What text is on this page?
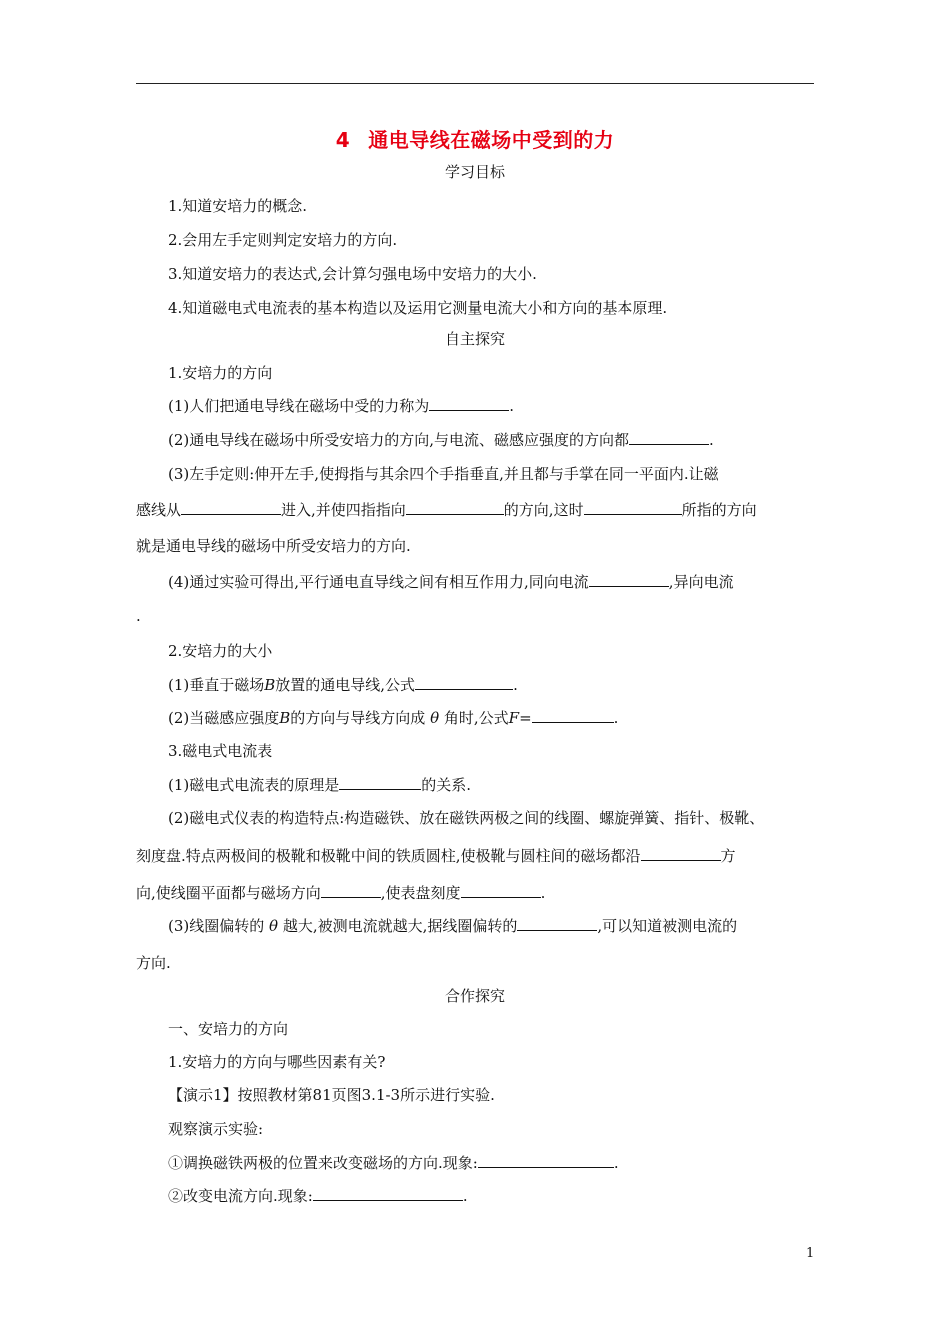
4 通电导线在磁场中受到的力
学习目标
1.知道安培力的概念.
2.会用左手定则判定安培力的方向.
3.知道安培力的表达式,会计算匀强电场中安培力的大小.
4.知道磁电式电流表的基本构造以及运用它测量电流大小和方向的基本原理.
自主探究
1.安培力的方向
(1)人们把通电导线在磁场中受的力称为	.
(2)通电导线在磁场中所受安培力的方向,与电流、磁感应强度的方向都	.
(3)左手定则:伸开左手,使拇指与其余四个手指垂直,并且都与手掌在同一平面内.让磁
感线从	进入,并使四指指向	的方向,这时	所指的方向
就是通电导线的磁场中所受安培力的方向.
(4)通过实验可得出,平行通电直导线之间有相互作用力,同向电流	,异向电流
.
2.安培力的大小
(1)垂直于磁场B放置的通电导线,公式	.
(2)当磁感应强度B的方向与导线方向成 θ 角时,公式F=	.
3.磁电式电流表
(1)磁电式电流表的原理是	的关系.
(2)磁电式仪表的构造特点:构造磁铁、放在磁铁两极之间的线圈、螺旋弹簧、指针、极靴、
刻度盘.特点两极间的极靴和极靴中间的铁质圆柱,使极靴与圆柱间的磁场都沿	方
向,使线圈平面都与磁场方向	,使表盘刻度	.
(3)线圈偏转的 θ 越大,被测电流就越大,据线圈偏转的	,可以知道被测电流的
方向.
合作探究
一、安培力的方向
1.安培力的方向与哪些因素有关?
【演示1】按照教材第81页图3.1-3所示进行实验.
观察演示实验:
①调换磁铁两极的位置来改变磁场的方向.现象:	.
②改变电流方向.现象:	.
1
